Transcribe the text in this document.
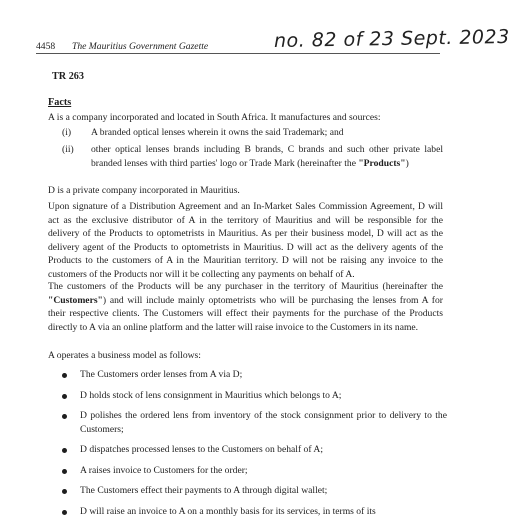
4458 The Mauritius Government Gazette	no. 82 of 23 Sept. 2023
TR 263
Facts
A is a company incorporated and located in South Africa. It manufactures and sources:
(i) A branded optical lenses wherein it owns the said Trademark; and
(ii) other optical lenses brands including B brands, C brands and such other private label branded lenses with third parties' logo or Trade Mark (hereinafter the "Products")
D is a private company incorporated in Mauritius.
Upon signature of a Distribution Agreement and an In-Market Sales Commission Agreement, D will act as the exclusive distributor of A in the territory of Mauritius and will be responsible for the delivery of the Products to optometrists in Mauritius. As per their business model, D will act as the delivery agent of the Products to optometrists in Mauritius. D will act as the delivery agents of the Products to the customers of A in the Mauritian territory. D will not be raising any invoice to the customers of the Products nor will it be collecting any payments on behalf of A.
The customers of the Products will be any purchaser in the territory of Mauritius (hereinafter the "Customers") and will include mainly optometrists who will be purchasing the lenses from A for their respective clients. The Customers will effect their payments for the purchase of the Products directly to A via an online platform and the latter will raise invoice to the Customers in its name.
A operates a business model as follows:
The Customers order lenses from A via D;
D holds stock of lens consignment in Mauritius which belongs to A;
D polishes the ordered lens from inventory of the stock consignment prior to delivery to the Customers;
D dispatches processed lenses to the Customers on behalf of A;
A raises invoice to Customers for the order;
The Customers effect their payments to A through digital wallet;
D will raise an invoice to A on a monthly basis for its services, in terms of its
